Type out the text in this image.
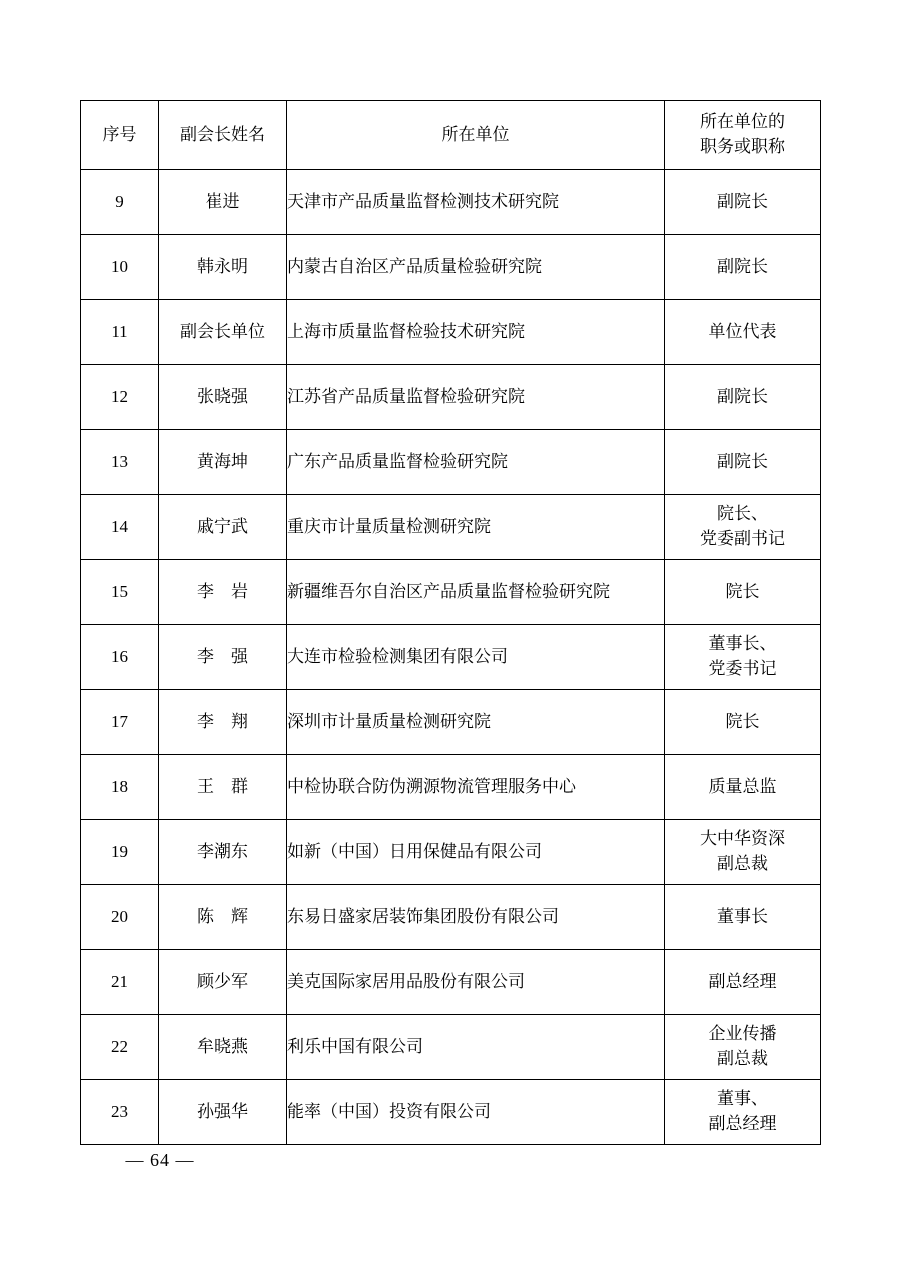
序号	副会长姓名	所在单位	所在单位的
职务或职称

9	崔进	天津市产品质量监督检测技术研究院	副院长

10	韩永明	内蒙古自治区产品质量检验研究院	副院长

11	副会长单位	上海市质量监督检验技术研究院	单位代表

12	张晓强	江苏省产品质量监督检验研究院	副院长

13	黄海坤	广东产品质量监督检验研究院	副院长

14	戚宁武	重庆市计量质量检测研究院	院长、
党委副书记

15	李　岩	新疆维吾尔自治区产品质量监督检验研究院	院长

16	李　强	大连市检验检测集团有限公司	董事长、
党委书记

17	李　翔	深圳市计量质量检测研究院	院长

18	王　群	中检协联合防伪溯源物流管理服务中心	质量总监

19	李潮东	如新（中国）日用保健品有限公司	大中华资深
副总裁

20	陈　辉	东易日盛家居装饰集团股份有限公司	董事长

21	顾少军	美克国际家居用品股份有限公司	副总经理

22	牟晓燕	利乐中国有限公司	企业传播
副总裁

23	孙强华	能率（中国）投资有限公司	董事、
副总经理
— 64 —
